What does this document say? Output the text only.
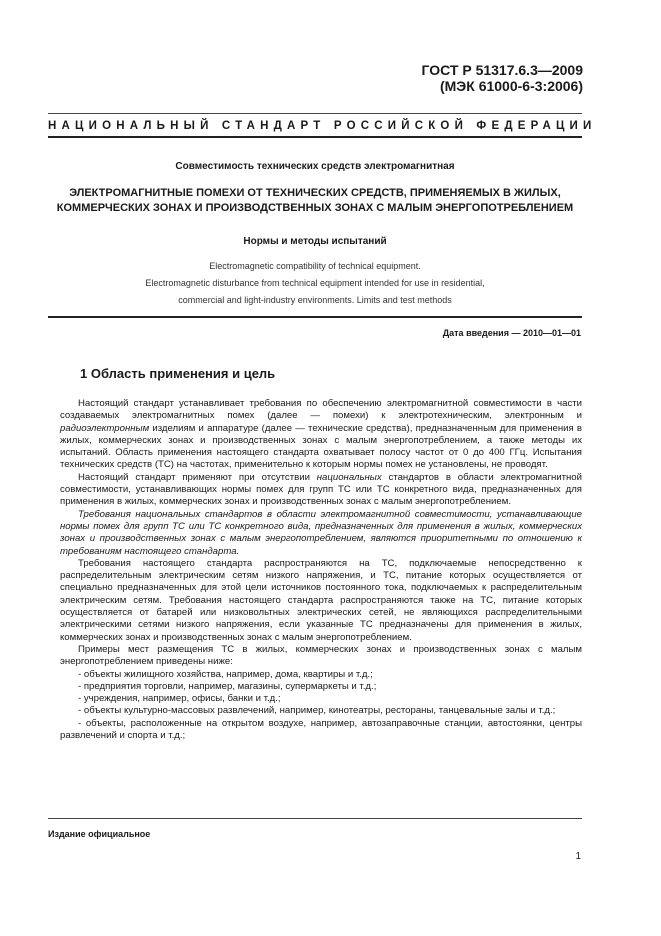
ГОСТ Р 51317.6.3—2009
(МЭК 61000-6-3:2006)
НАЦИОНАЛЬНЫЙ СТАНДАРТ РОССИЙСКОЙ ФЕДЕРАЦИИ
Совместимость технических средств электромагнитная
ЭЛЕКТРОМАГНИТНЫЕ ПОМЕХИ ОТ ТЕХНИЧЕСКИХ СРЕДСТВ, ПРИМЕНЯЕМЫХ В ЖИЛЫХ,
КОММЕРЧЕСКИХ ЗОНАХ И ПРОИЗВОДСТВЕННЫХ ЗОНАХ С МАЛЫМ ЭНЕРГОПОТРЕБЛЕНИЕМ
Нормы и методы испытаний
Electromagnetic compatibility of technical equipment.
Electromagnetic disturbance from technical equipment intended for use in residential,
commercial and light-industry environments. Limits and test methods
Дата введения — 2010—01—01
1 Область применения и цель

Настоящий стандарт устанавливает требования по обеспечению электромагнитной совместимости в части создаваемых электромагнитных помех (далее — помехи) к электротехническим, электронным и радиоэлектронным изделиям и аппаратуре (далее — технические средства), предназначенным для применения в жилых, коммерческих зонах и производственных зонах с малым энергопотреблением, а также методы их испытаний. Область применения настоящего стандарта охватывает полосу частот от 0 до 400 ГГц. Испытания технических средств (ТС) на частотах, применительно к которым нормы помех не установлены, не проводят.

Настоящий стандарт применяют при отсутствии национальных стандартов в области электромагнитной совместимости, устанавливающих нормы помех для групп ТС или ТС конкретного вида, предназначенных для применения в жилых, коммерческих зонах и производственных зонах с малым энергопотреблением.

Требования национальных стандартов в области электромагнитной совместимости, устанавливающие нормы помех для групп ТС или ТС конкретного вида, предназначенных для применения в жилых, коммерческих зонах и производственных зонах с малым энергопотреблением, являются приоритетными по отношению к требованиям настоящего стандарта.

Требования настоящего стандарта распространяются на ТС, подключаемые непосредственно к распределительным электрическим сетям низкого напряжения, и ТС, питание которых осуществляется от специально предназначенных для этой цели источников постоянного тока, подключаемых к распределительным электрическим сетям. Требования настоящего стандарта распространяются также на ТС, питание которых осуществляется от батарей или низковольтных электрических сетей, не являющихся распределительными электрическими сетями низкого напряжения, если указанные ТС предназначены для применения в жилых, коммерческих зонах и производственных зонах с малым энергопотреблением.

Примеры мест размещения ТС в жилых, коммерческих зонах и производственных зонах с малым энергопотреблением приведены ниже:

- объекты жилищного хозяйства, например, дома, квартиры и т.д.;

- предприятия торговли, например, магазины, супермаркеты и т.д.;

- учреждения, например, офисы, банки и т.д.;

- объекты культурно-массовых развлечений, например, кинотеатры, рестораны, танцевальные залы и т.д.;

- объекты, расположенные на открытом воздухе, например, автозаправочные станции, автостоянки, центры развлечений и спорта и т.д.;

Издание официальное
1
